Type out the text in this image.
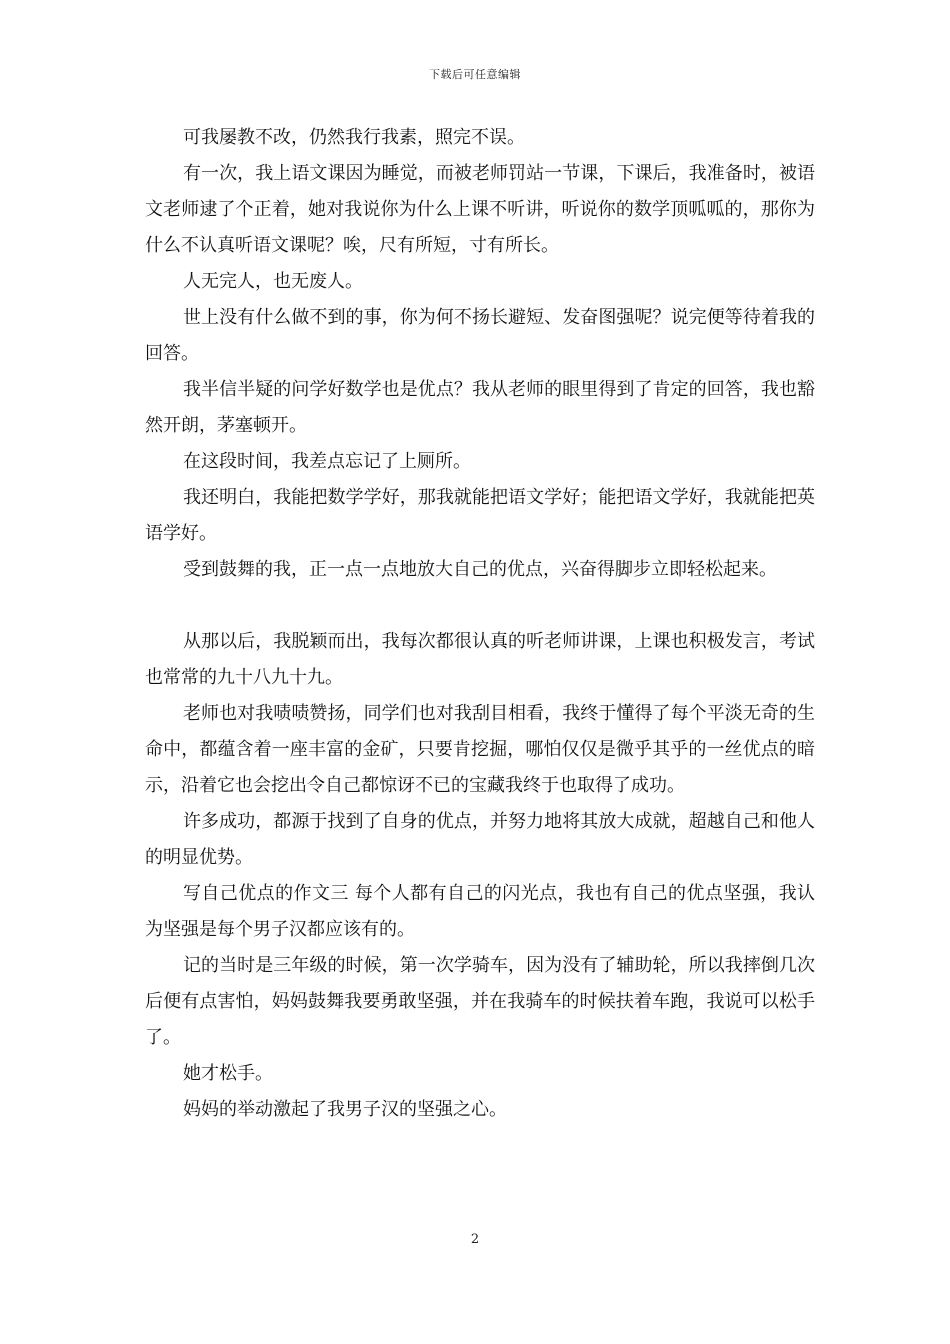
下载后可任意编辑

可我屡教不改，仍然我行我素，照完不误。

有一次，我上语文课因为睡觉，而被老师罚站一节课，下课后，我准备时，被语文老师逮了个正着，她对我说你为什么上课不听讲，听说你的数学顶呱呱的，那你为什么不认真听语文课呢？唉，尺有所短，寸有所长。

人无完人，也无废人。

世上没有什么做不到的事，你为何不扬长避短、发奋图强呢？说完便等待着我的回答。

我半信半疑的问学好数学也是优点？我从老师的眼里得到了肯定的回答，我也豁然开朗，茅塞顿开。

在这段时间，我差点忘记了上厕所。

我还明白，我能把数学学好，那我就能把语文学好；能把语文学好，我就能把英语学好。

受到鼓舞的我，正一点一点地放大自己的优点，兴奋得脚步立即轻松起来。

从那以后，我脱颖而出，我每次都很认真的听老师讲课，上课也积极发言，考试也常常的九十八九十九。

老师也对我啧啧赞扬，同学们也对我刮目相看，我终于懂得了每个平淡无奇的生命中，都蕴含着一座丰富的金矿，只要肯挖掘，哪怕仅仅是微乎其乎的一丝优点的暗示，沿着它也会挖出令自己都惊讶不已的宝藏我终于也取得了成功。

许多成功，都源于找到了自身的优点，并努力地将其放大成就，超越自己和他人的明显优势。

写自己优点的作文三 每个人都有自己的闪光点，我也有自己的优点坚强，我认为坚强是每个男子汉都应该有的。

记的当时是三年级的时候，第一次学骑车，因为没有了辅助轮，所以我摔倒几次后便有点害怕，妈妈鼓舞我要勇敢坚强，并在我骑车的时候扶着车跑，我说可以松手了。

她才松手。

妈妈的举动激起了我男子汉的坚强之心。

2
